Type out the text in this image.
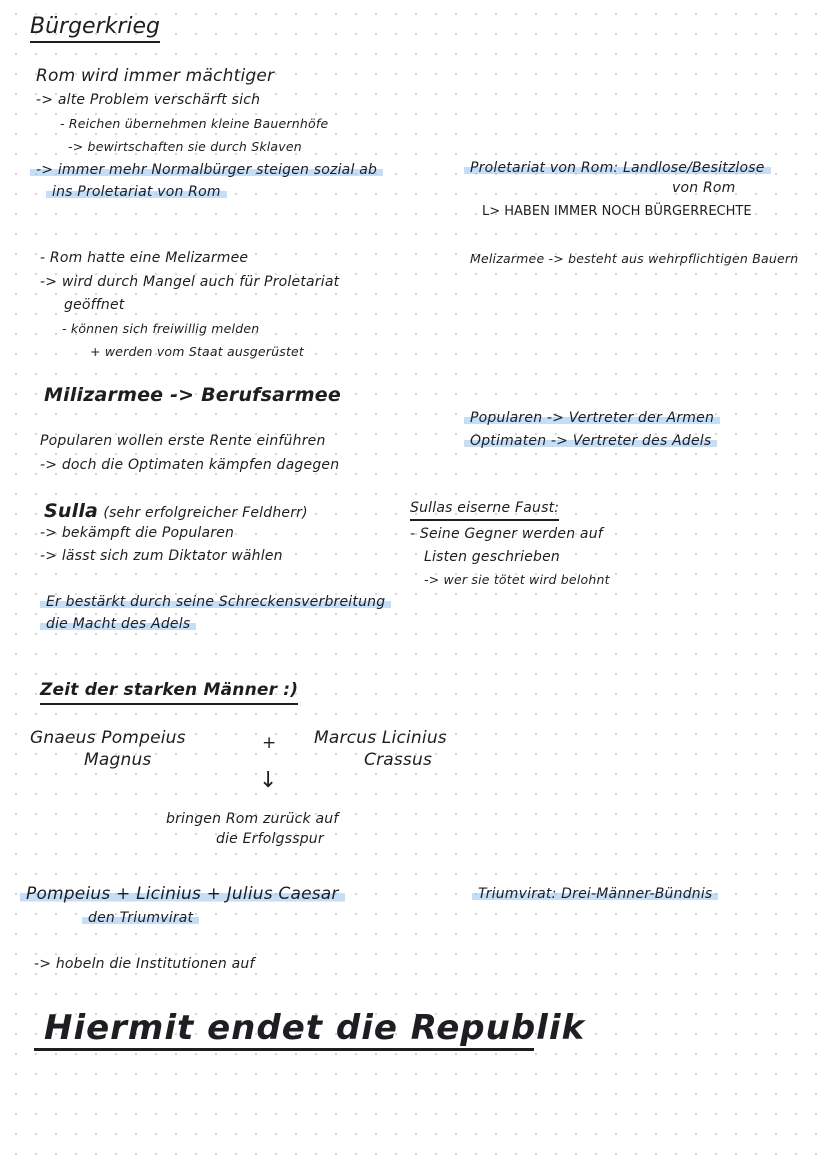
Bürgerkrieg
Rom wird immer mächtiger
-> alte Problem verschärft sich
- Reichen übernehmen kleine Bauernhöfe
-> bewirtschaften sie durch Sklaven
-> immer mehr Normalbürger steigen sozial ab
ins Proletariat von Rom
Proletariat von Rom: Landlose/Besitzlose
von Rom
L> HABEN IMMER NOCH BÜRGERRECHTE
- Rom hatte eine Melizarmee
-> wird durch Mangel auch für Proletariat
geöffnet
- können sich freiwillig melden
+ werden vom Staat ausgerüstet
Melizarmee -> besteht aus wehrpflichtigen Bauern
Milizarmee -> Berufsarmee
Popularen -> Vertreter der Armen
Optimaten -> Vertreter des Adels
Popularen wollen erste Rente einführen
-> doch die Optimaten kämpfen dagegen
Sulla (sehr erfolgreicher Feldherr)
-> bekämpft die Popularen
-> lässt sich zum Diktator wählen
Er bestärkt durch seine Schreckensverbreitung
die Macht des Adels
Sullas eiserne Faust:
- Seine Gegner werden auf
Listen geschrieben
-> wer sie tötet wird belohnt
Zeit der starken Männer :)
Gnaeus Pompeius
Magnus
+ Marcus Licinius
Crassus
↓
bringen Rom zurück auf
die Erfolgsspur
Pompeius + Licinius + Julius Caesar
den Triumvirat
Triumvirat: Drei-Männer-Bündnis
-> hobeln die Institutionen auf
Hiermit endet die Republik
